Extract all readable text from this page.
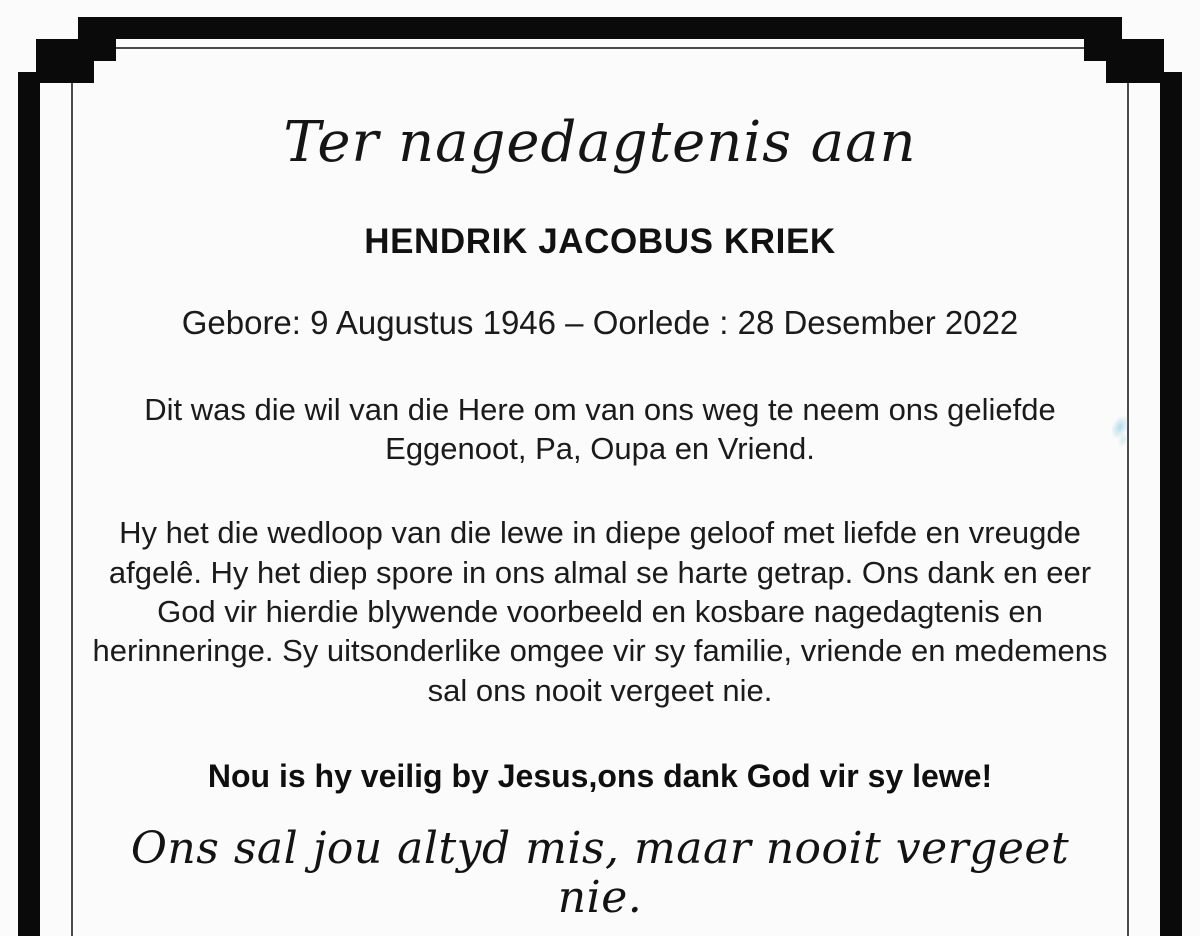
Ter nagedagtenis aan
HENDRIK JACOBUS KRIEK
Gebore: 9 Augustus 1946 – Oorlede : 28 Desember 2022
Dit was die wil van die Here om van ons weg te neem ons geliefde Eggenoot, Pa, Oupa en Vriend.
Hy het die wedloop van die lewe in diepe geloof met liefde en vreugde afgelê. Hy het diep spore in ons almal se harte getrap. Ons dank en eer God vir hierdie blywende voorbeeld en kosbare nagedagtenis en herinneringe. Sy uitsonderlike omgee vir sy familie, vriende en medemens sal ons nooit vergeet nie.
Nou is hy veilig by Jesus,ons dank God vir sy lewe!
Ons sal jou altyd mis, maar nooit vergeet nie.
